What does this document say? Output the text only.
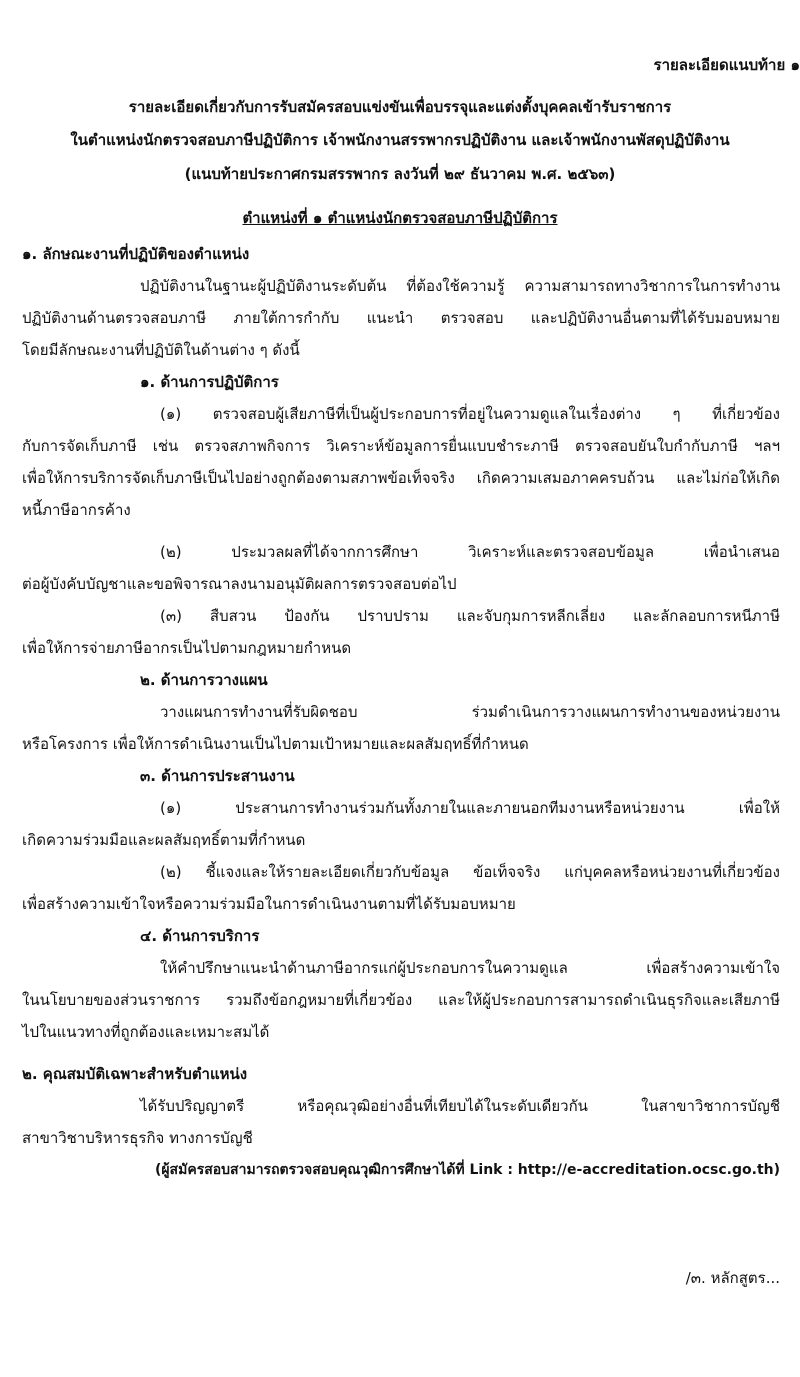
รายละเอียดแนบท้าย ๑
รายละเอียดเกี่ยวกับการรับสมัครสอบแข่งขันเพื่อบรรจุและแต่งตั้งบุคคลเข้ารับราชการ
ในตำแหน่งนักตรวจสอบภาษีปฏิบัติการ เจ้าพนักงานสรรพากรปฏิบัติงาน และเจ้าพนักงานพัสดุปฏิบัติงาน
(แนบท้ายประกาศกรมสรรพากร ลงวันที่ ๒๙ ธันวาคม พ.ศ. ๒๕๖๓)
ตำแหน่งที่ ๑ ตำแหน่งนักตรวจสอบภาษีปฏิบัติการ
๑. ลักษณะงานที่ปฏิบัติของตำแหน่ง
ปฏิบัติงานในฐานะผู้ปฏิบัติงานระดับต้น ที่ต้องใช้ความรู้ ความสามารถทางวิชาการในการทำงาน
ปฏิบัติงานด้านตรวจสอบภาษี ภายใต้การกำกับ แนะนำ ตรวจสอบ และปฏิบัติงานอื่นตามที่ได้รับมอบหมาย
โดยมีลักษณะงานที่ปฏิบัติในด้านต่าง ๆ ดังนี้
๑. ด้านการปฏิบัติการ
(๑) ตรวจสอบผู้เสียภาษีที่เป็นผู้ประกอบการที่อยู่ในความดูแลในเรื่องต่าง ๆ ที่เกี่ยวข้อง
กับการจัดเก็บภาษี เช่น ตรวจสภาพกิจการ วิเคราะห์ข้อมูลการยื่นแบบชำระภาษี ตรวจสอบยันใบกำกับภาษี ฯลฯ
เพื่อให้การบริการจัดเก็บภาษีเป็นไปอย่างถูกต้องตามสภาพข้อเท็จจริง เกิดความเสมอภาคครบถ้วน และไม่ก่อให้เกิด
หนี้ภาษีอากรค้าง
(๒) ประมวลผลที่ได้จากการศึกษา วิเคราะห์และตรวจสอบข้อมูล เพื่อนำเสนอ
ต่อผู้บังคับบัญชาและขอพิจารณาลงนามอนุมัติผลการตรวจสอบต่อไป
(๓) สืบสวน ป้องกัน ปราบปราม และจับกุมการหลีกเลี่ยง และลักลอบการหนีภาษี
เพื่อให้การจ่ายภาษีอากรเป็นไปตามกฎหมายกำหนด
๒. ด้านการวางแผน
วางแผนการทำงานที่รับผิดชอบ ร่วมดำเนินการวางแผนการทำงานของหน่วยงาน
หรือโครงการ เพื่อให้การดำเนินงานเป็นไปตามเป้าหมายและผลสัมฤทธิ์ที่กำหนด
๓. ด้านการประสานงาน
(๑) ประสานการทำงานร่วมกันทั้งภายในและภายนอกทีมงานหรือหน่วยงาน เพื่อให้
เกิดความร่วมมือและผลสัมฤทธิ์ตามที่กำหนด
(๒) ชี้แจงและให้รายละเอียดเกี่ยวกับข้อมูล ข้อเท็จจริง แก่บุคคลหรือหน่วยงานที่เกี่ยวข้อง
เพื่อสร้างความเข้าใจหรือความร่วมมือในการดำเนินงานตามที่ได้รับมอบหมาย
๔. ด้านการบริการ
ให้คำปรึกษาแนะนำด้านภาษีอากรแก่ผู้ประกอบการในความดูแล เพื่อสร้างความเข้าใจ
ในนโยบายของส่วนราชการ รวมถึงข้อกฎหมายที่เกี่ยวข้อง และให้ผู้ประกอบการสามารถดำเนินธุรกิจและเสียภาษี
ไปในแนวทางที่ถูกต้องและเหมาะสมได้
๒. คุณสมบัติเฉพาะสำหรับตำแหน่ง
ได้รับปริญญาตรี หรือคุณวุฒิอย่างอื่นที่เทียบได้ในระดับเดียวกัน ในสาขาวิชาการบัญชี
สาขาวิชาบริหารธุรกิจ ทางการบัญชี
(ผู้สมัครสอบสามารถตรวจสอบคุณวุฒิการศึกษาได้ที่ Link : http://e-accreditation.ocsc.go.th)
/๓. หลักสูตร...
